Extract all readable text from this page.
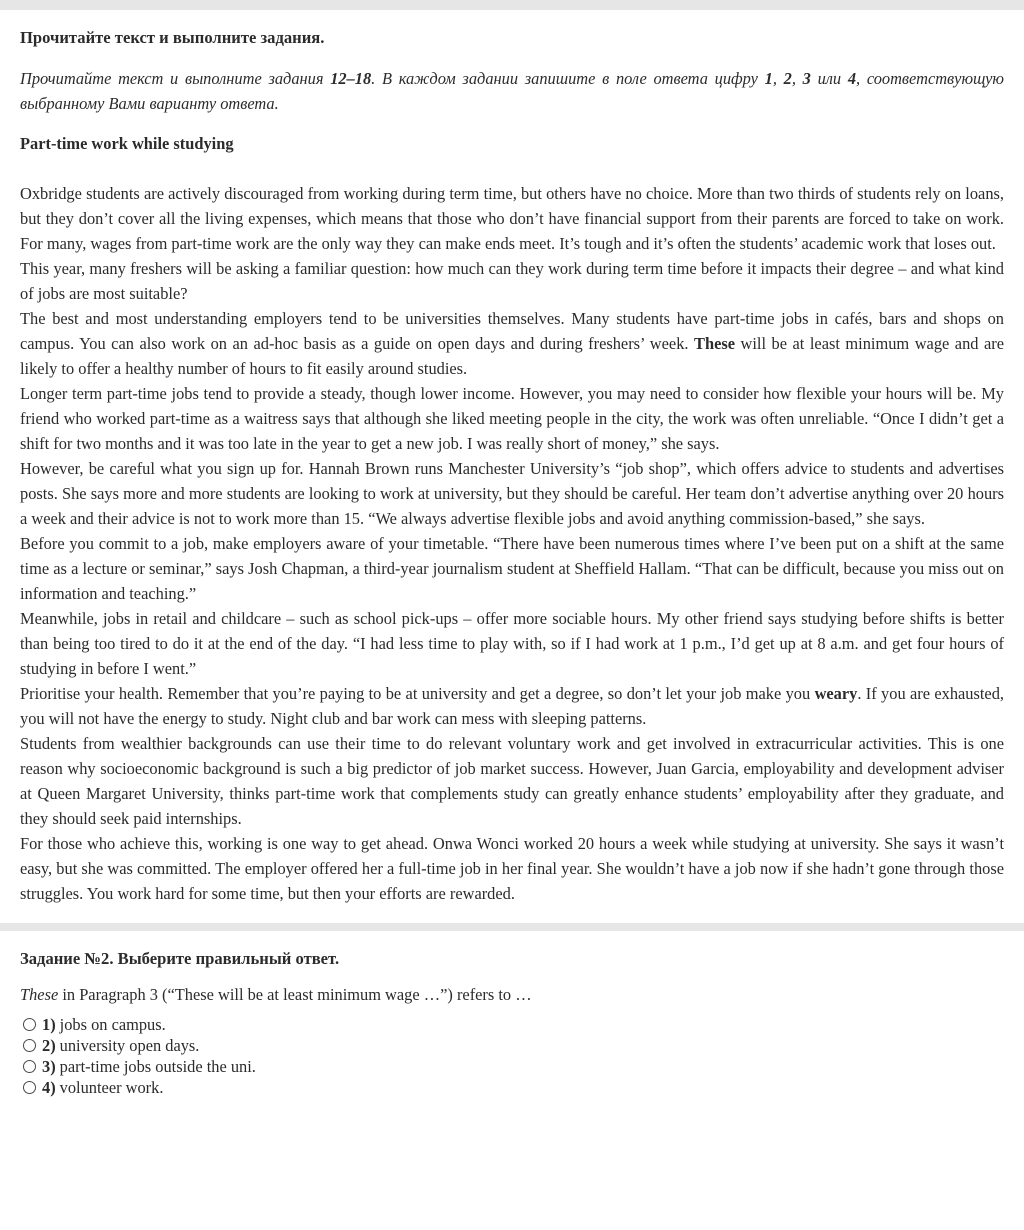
Прочитайте текст и выполните задания.

Прочитайте текст и выполните задания 12–18. В каждом задании запишите в поле ответа цифру 1, 2, 3 или 4, соответствующую выбранному Вами варианту ответа.

Part-time work while studying

Oxbridge students are actively discouraged from working during term time, but others have no choice. More than two thirds of students rely on loans, but they don’t cover all the living expenses, which means that those who don’t have financial support from their parents are forced to take on work. For many, wages from part-time work are the only way they can make ends meet. It’s tough and it’s often the students’ academic work that loses out.

This year, many freshers will be asking a familiar question: how much can they work during term time before it impacts their degree – and what kind of jobs are most suitable?

The best and most understanding employers tend to be universities themselves. Many students have part-time jobs in cafés, bars and shops on campus. You can also work on an ad-hoc basis as a guide on open days and during freshers’ week. These will be at least minimum wage and are likely to offer a healthy number of hours to fit easily around studies.

Longer term part-time jobs tend to provide a steady, though lower income. However, you may need to consider how flexible your hours will be. My friend who worked part-time as a waitress says that although she liked meeting people in the city, the work was often unreliable. “Once I didn’t get a shift for two months and it was too late in the year to get a new job. I was really short of money,” she says.

However, be careful what you sign up for. Hannah Brown runs Manchester University’s “job shop”, which offers advice to students and advertises posts. She says more and more students are looking to work at university, but they should be careful. Her team don’t advertise anything over 20 hours a week and their advice is not to work more than 15. “We always advertise flexible jobs and avoid anything commission-based,” she says.

Before you commit to a job, make employers aware of your timetable. “There have been numerous times where I’ve been put on a shift at the same time as a lecture or seminar,” says Josh Chapman, a third-year journalism student at Sheffield Hallam. “That can be difficult, because you miss out on information and teaching.”

Meanwhile, jobs in retail and childcare – such as school pick-ups – offer more sociable hours. My other friend says studying before shifts is better than being too tired to do it at the end of the day. “I had less time to play with, so if I had work at 1 p.m., I’d get up at 8 a.m. and get four hours of studying in before I went.”

Prioritise your health. Remember that you’re paying to be at university and get a degree, so don’t let your job make you weary. If you are exhausted, you will not have the energy to study. Night club and bar work can mess with sleeping patterns.

Students from wealthier backgrounds can use their time to do relevant voluntary work and get involved in extracurricular activities. This is one reason why socioeconomic background is such a big predictor of job market success. However, Juan Garcia, employability and development adviser at Queen Margaret University, thinks part-time work that complements study can greatly enhance students’ employability after they graduate, and they should seek paid internships.

For those who achieve this, working is one way to get ahead. Onwa Wonci worked 20 hours a week while studying at university. She says it wasn’t easy, but she was committed. The employer offered her a full-time job in her final year. She wouldn’t have a job now if she hadn’t gone through those struggles. You work hard for some time, but then your efforts are rewarded.

Задание №2. Выберите правильный ответ.

These in Paragraph 3 (“These will be at least minimum wage …”) refers to …

1) jobs on campus.
2) university open days.
3) part-time jobs outside the uni.
4) volunteer work.
